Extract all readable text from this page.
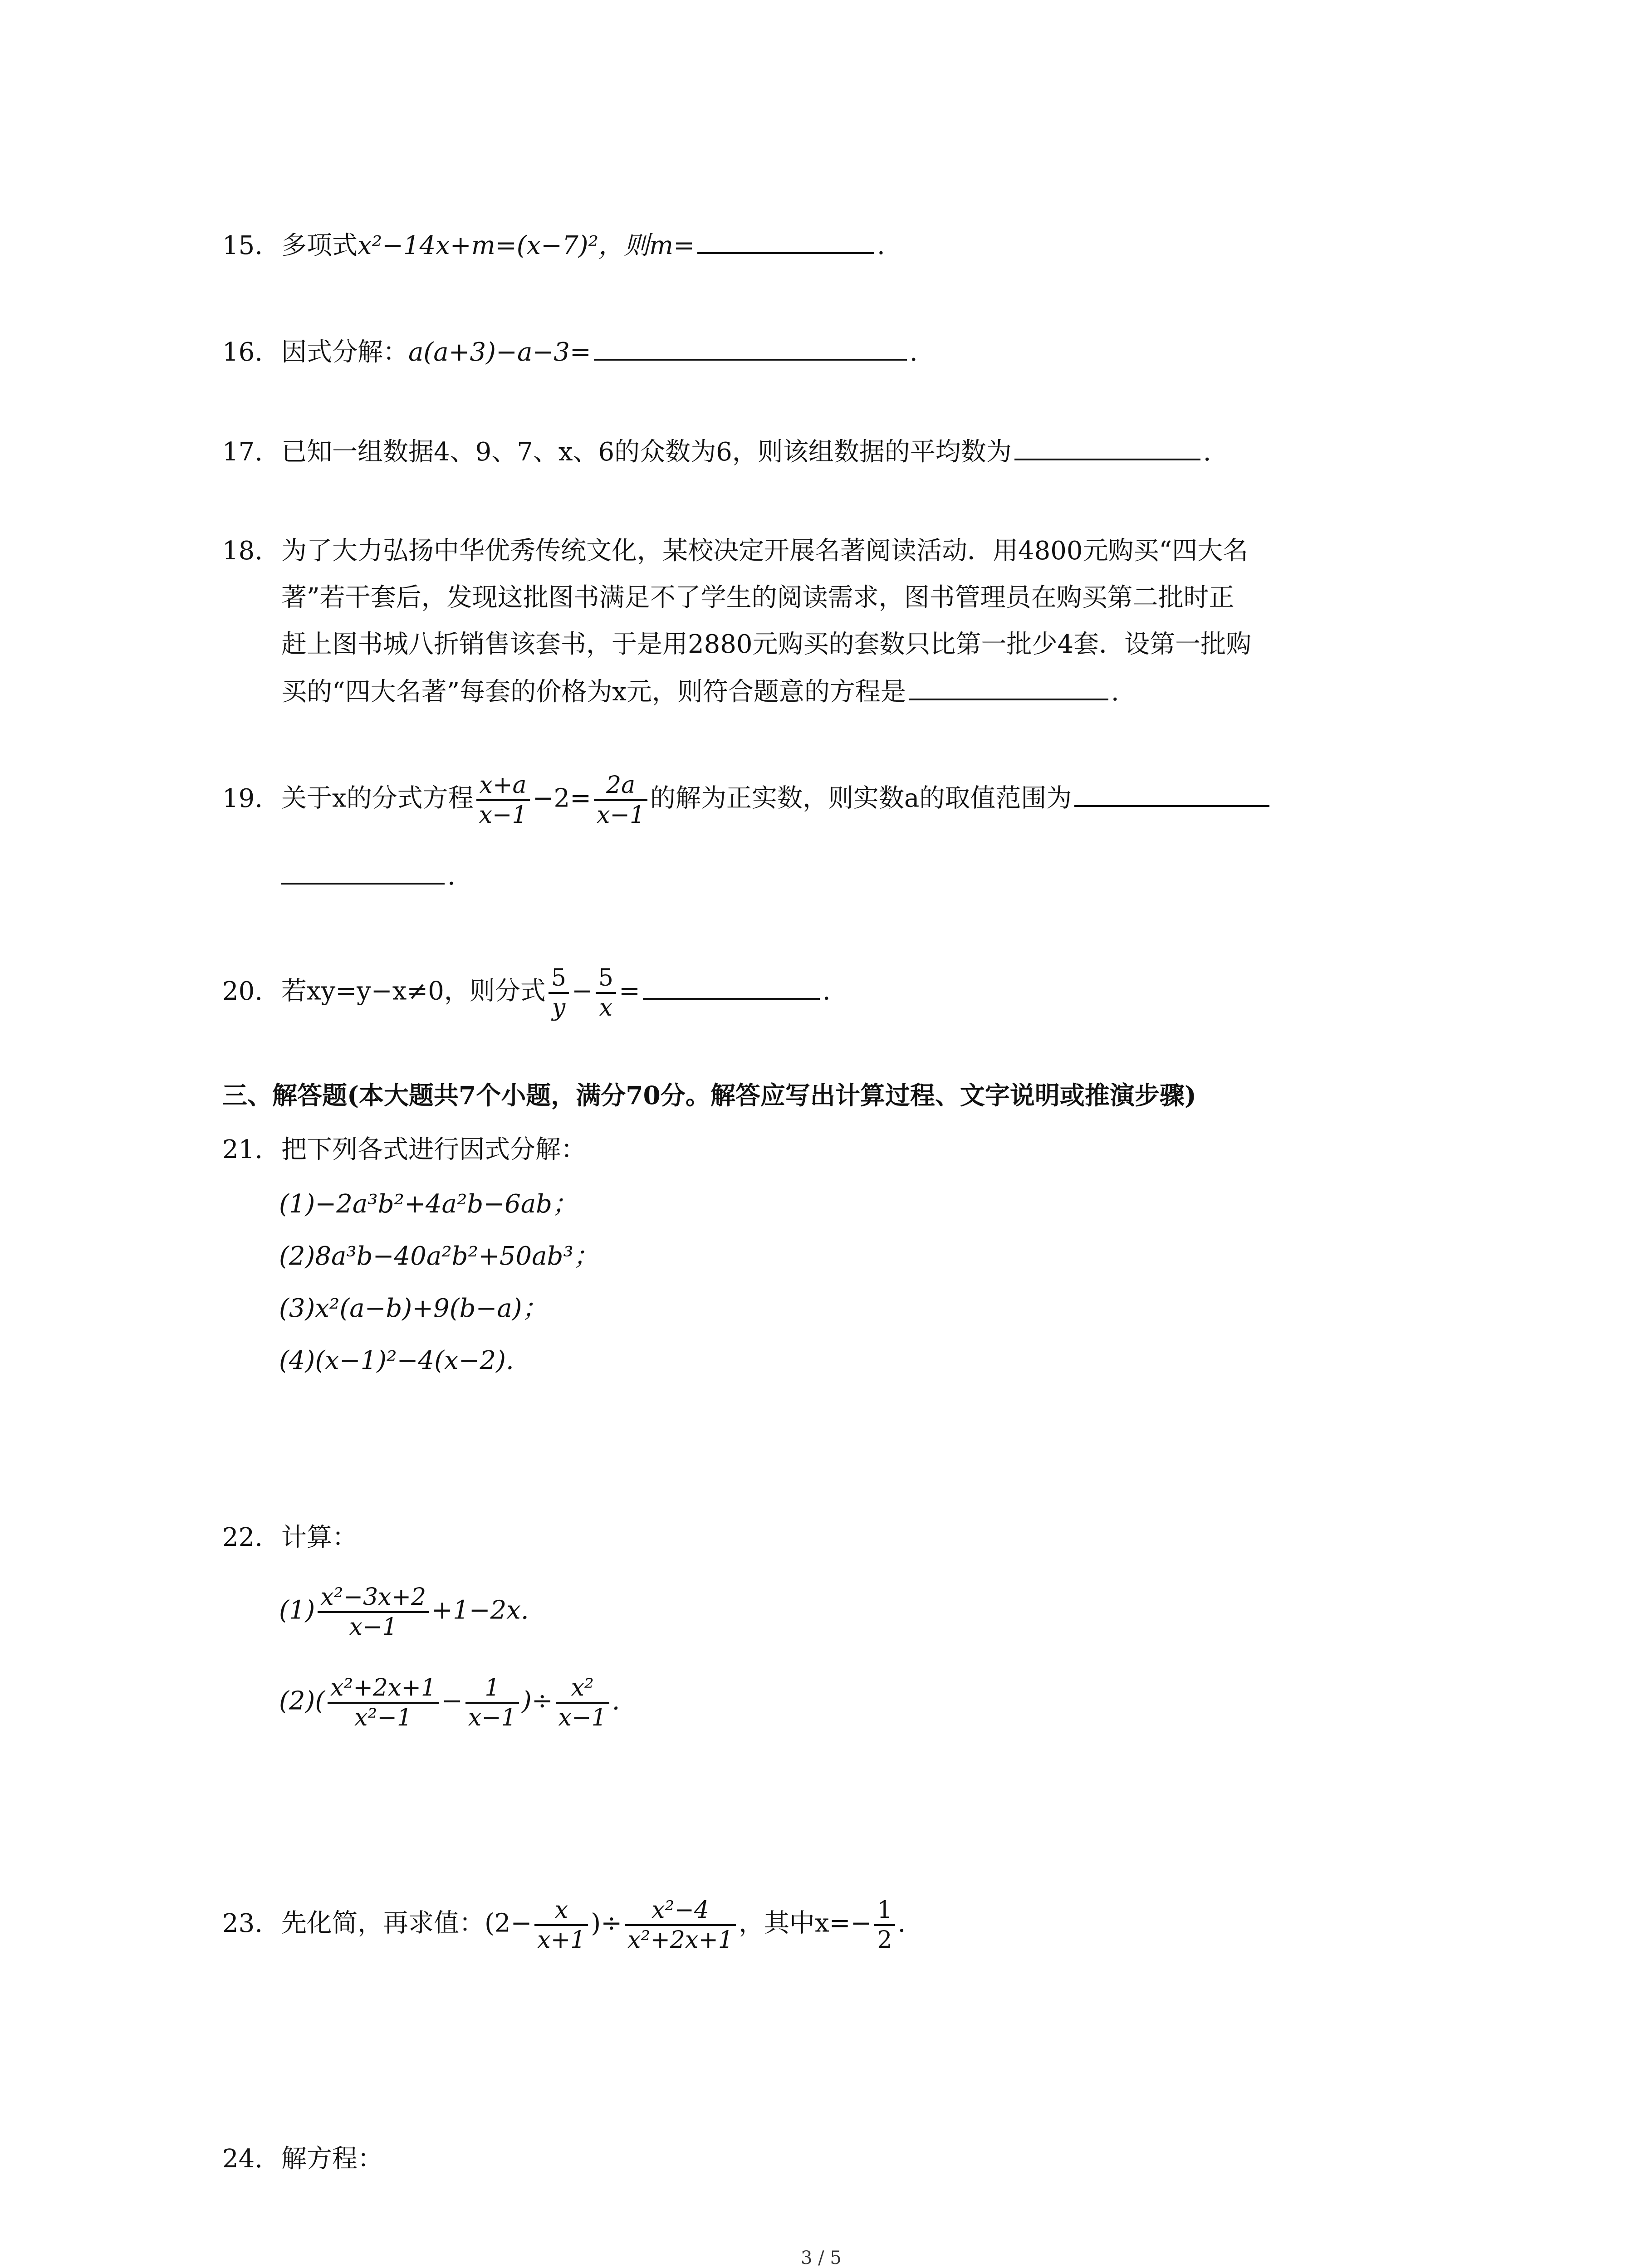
15. 多项式x²−14x+m=(x−7)²，则m=	.
16. 因式分解：a(a+3)−a−3=	.
17. 已知一组数据4、9、7、x、6的众数为6，则该组数据的平均数为	.
18. 为了大力弘扬中华优秀传统文化，某校决定开展名著阅读活动．用4800元购买“四大名
著”若干套后，发现这批图书满足不了学生的阅读需求，图书管理员在购买第二批时正
赶上图书城八折销售该套书，于是用2880元购买的套数只比第一批少4套．设第一批购
买的“四大名著”每套的价格为x元，则符合题意的方程是	.
19. 关于x的分式方程 $\frac{x+a}{x-1} -2= \frac{2a}{x-1}$ 的解为正实数，则实数a的取值范围为
.
20. 若xy=y−x≠0，则分式 $\frac{5}{y} - \frac{5}{x}$ =	.
三、解答题(本大题共7个小题，满分70分。解答应写出计算过程、文字说明或推演步骤)
21. 把下列各式进行因式分解：
(1)−2a³b²+4a²b−6ab；
(2)8a³b−40a²b²+50ab³；
(3)x²(a−b)+9(b−a)；
(4)(x−1)²−4(x−2).
22. 计算：
$(1) \frac{\text{x²−3x+2}}{x-1} +1-2x$.
$(2)( \frac{\text{x²+2x+1}}{\text{x²−1}} - \frac{1}{x-1}$ )÷ $\frac{\text{x²}}{x-1}$ .
23. 先化简，再求值：($2- \frac{x}{x+1}$ )÷ $\frac{\text{x²−4}}{\text{x²+2x+1}}$ ，其中$x=- \frac{1}{2}$ .
24. 解方程：
3 / 5
